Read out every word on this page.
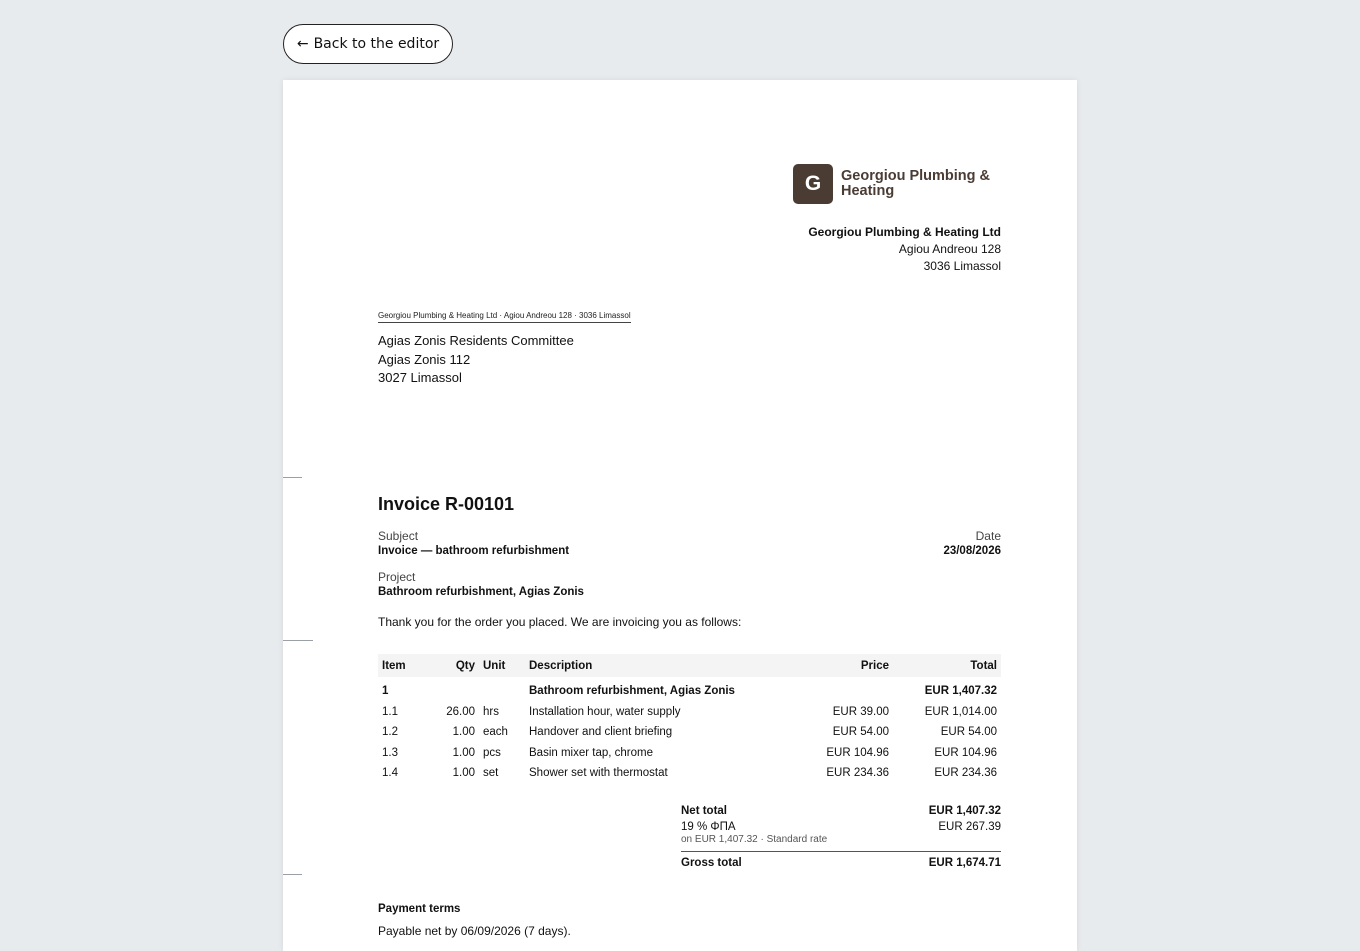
← Back to the editor
G	Georgiou Plumbing & Heating
Georgiou Plumbing & Heating Ltd
Agiou Andreou 128
3036 Limassol
Georgiou Plumbing & Heating Ltd · Agiou Andreou 128 · 3036 Limassol
Agias Zonis Residents Committee
Agias Zonis 112
3027 Limassol
Invoice R-00101
Subject
Invoice — bathroom refurbishment
Date
23/08/2026
Project
Bathroom refurbishment, Agias Zonis
Thank you for the order you placed. We are invoicing you as follows:
Item	Qty	Unit	Description	Price	Total
1			Bathroom refurbishment, Agias Zonis		EUR 1,407.32
1.1	26.00	hrs	Installation hour, water supply	EUR 39.00	EUR 1,014.00
1.2	1.00	each	Handover and client briefing	EUR 54.00	EUR 54.00
1.3	1.00	pcs	Basin mixer tap, chrome	EUR 104.96	EUR 104.96
1.4	1.00	set	Shower set with thermostat	EUR 234.36	EUR 234.36
Net total	EUR 1,407.32
19 % ΦΠΑ	EUR 267.39
on EUR 1,407.32 · Standard rate
Gross total	EUR 1,674.71
Payment terms
Payable net by 06/09/2026 (7 days).
